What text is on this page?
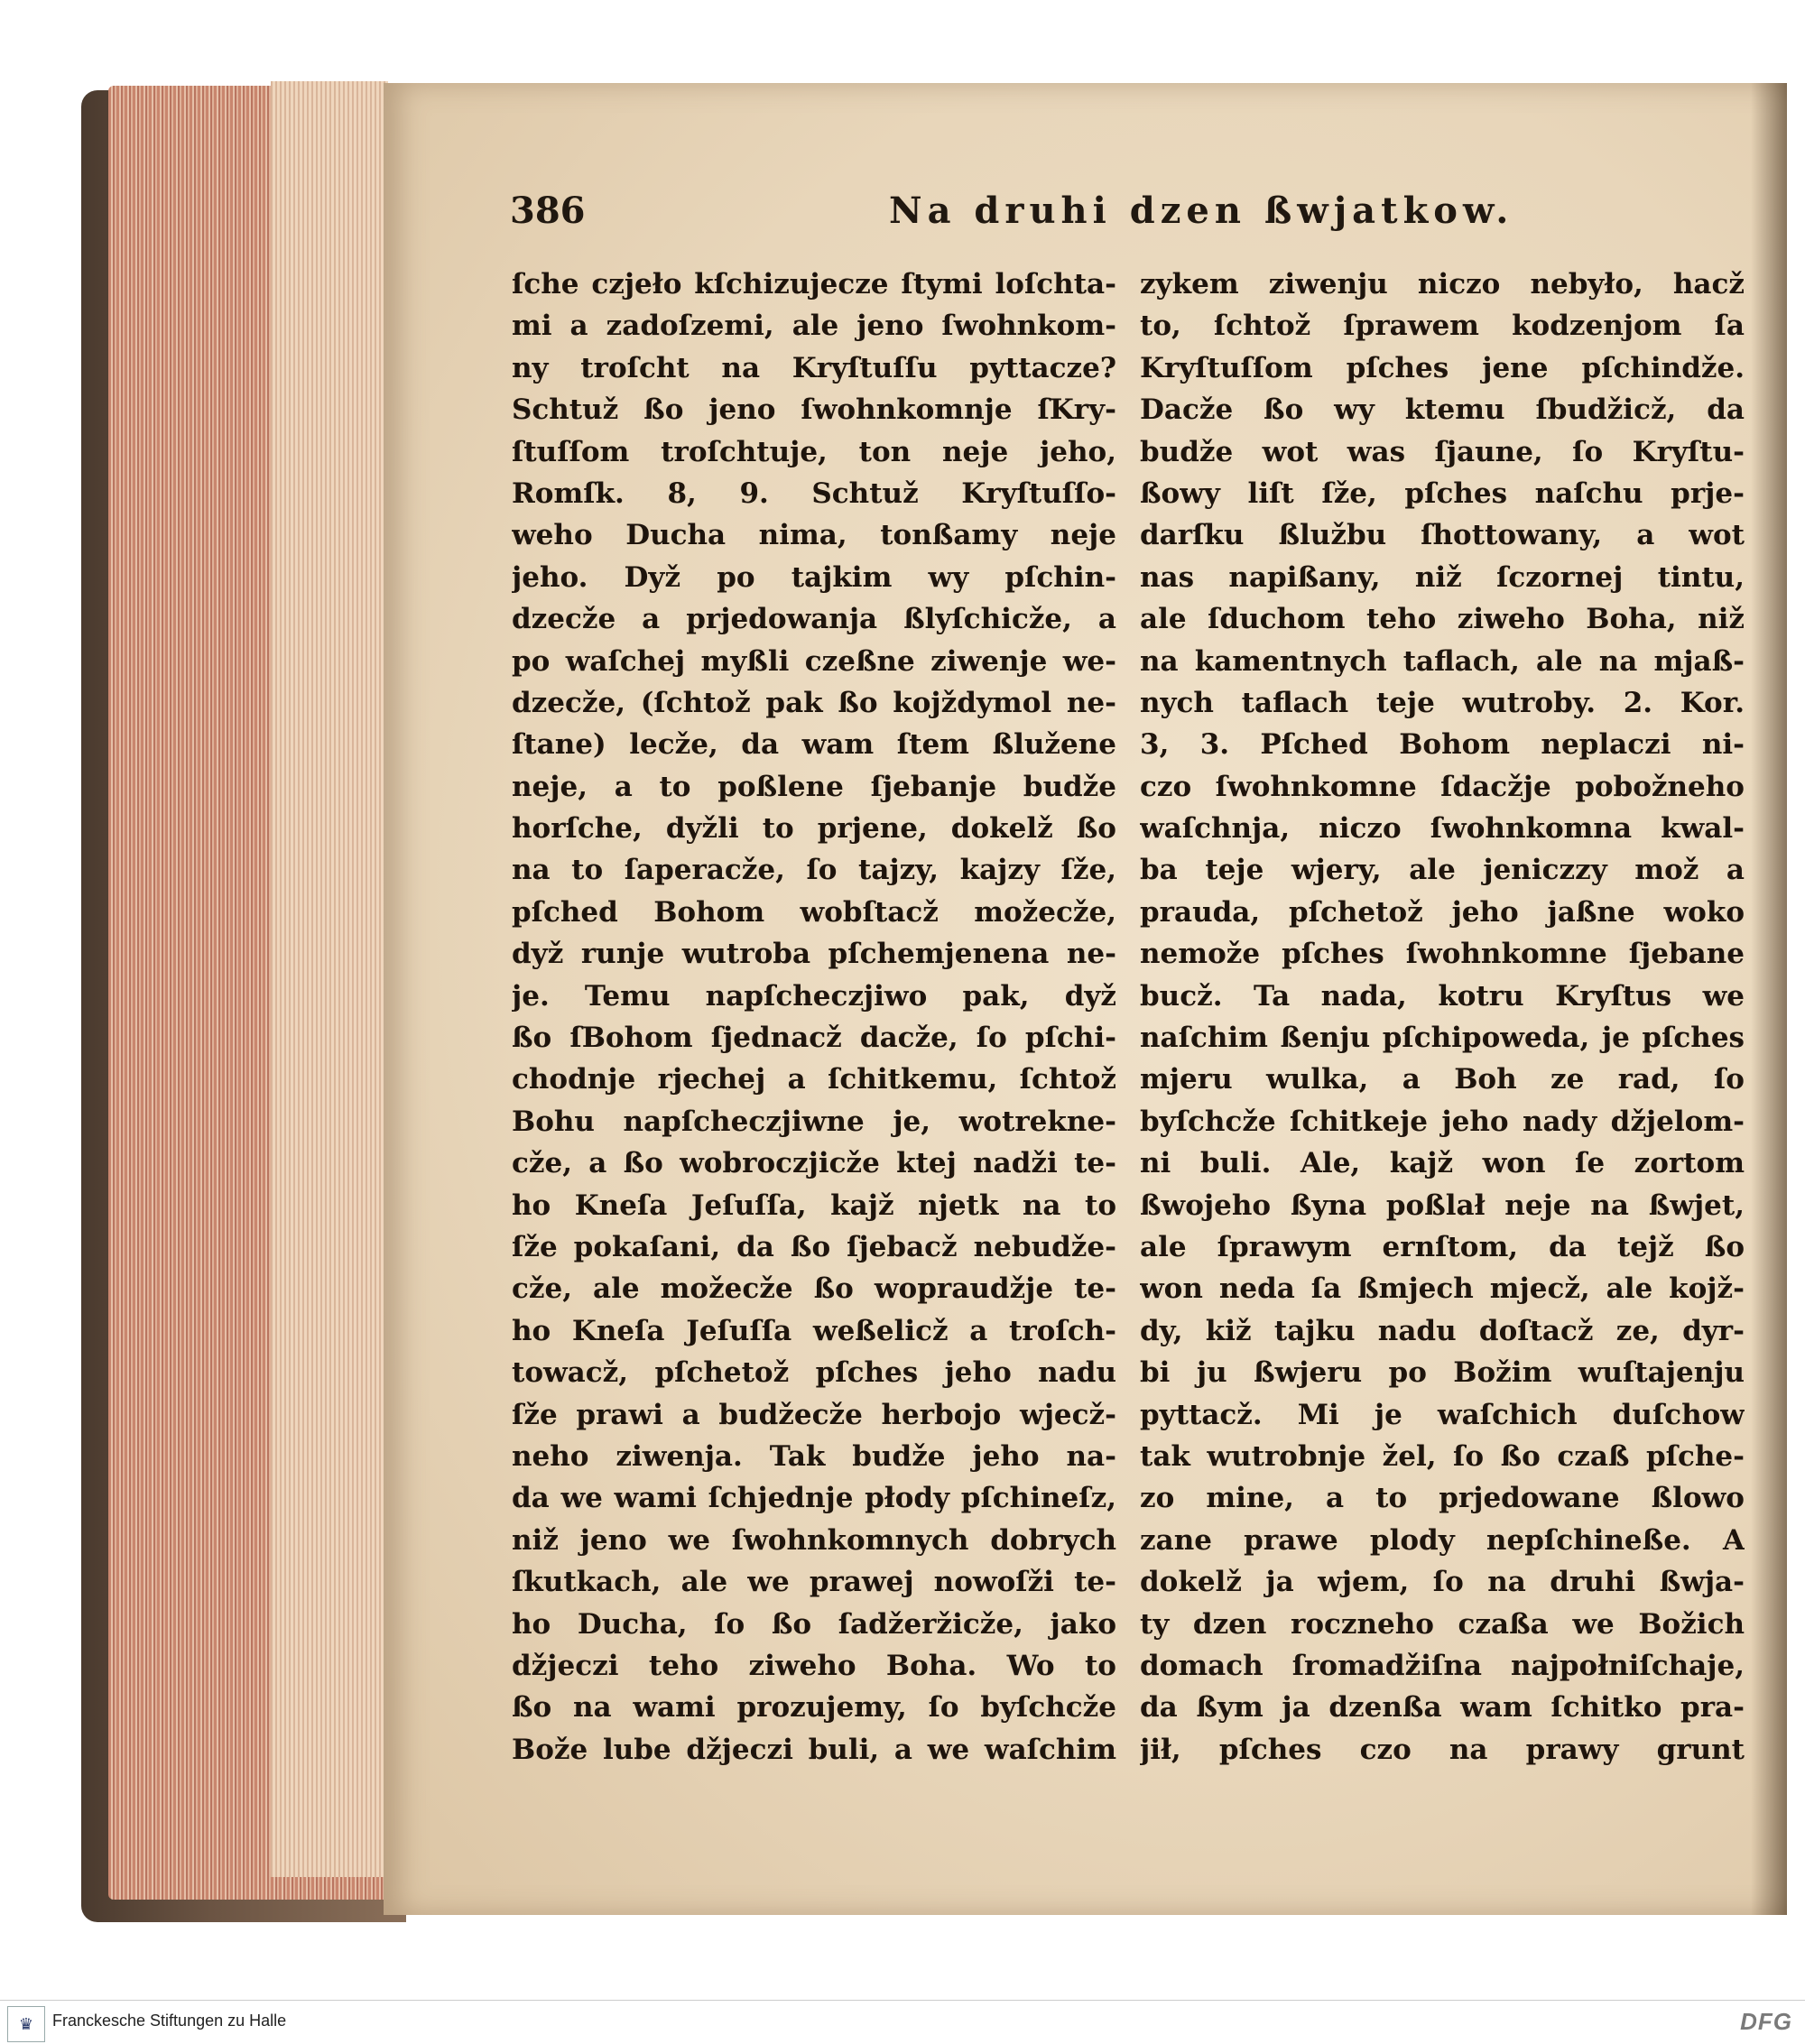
386	Na druhi dzen ßwjatkow.
ſche czjeło kſchizujecze ſtymi loſchta-
mi a zadoſzemi, ale jeno ſwohnkom-
ny troſcht na Kryſtuſſu pyttacze?
Schtuž ßo jeno ſwohnkomnje ſKry-
ſtuſſom troſchtuje, ton neje jeho,
Romſk. 8, 9. Schtuž Kryſtuſſo-
weho Ducha nima, tonßamy neje
jeho. Dyž po tajkim wy pſchin-
dzecže a prjedowanja ßlyſchicže, a
po waſchej myßli czeßne ziwenje we-
dzecže, (ſchtož pak ßo kojždymol ne-
ſtane) lecže, da wam ſtem ßlužene
neje, a to poßlene ſjebanje budže
horſche, dyžli to prjene, dokelž ßo
na to ſaperacže, ſo tajzy, kajzy ſže,
pſched Bohom wobſtacž možecže,
dyž runje wutroba pſchemjenena ne-
je. Temu napſcheczjiwo pak, dyž
ßo ſBohom ſjednacž dacže, ſo pſchi-
chodnje rjechej a ſchitkemu, ſchtož
Bohu napſcheczjiwne je, wotrekne-
cže, a ßo wobroczjicže ktej nadži te-
ho Kneſa Jeſuſſa, kajž njetk na to
ſže pokaſani, da ßo ſjebacž nebudže-
cže, ale možecže ßo wopraudžje te-
ho Kneſa Jeſuſſa weßelicž a troſch-
towacž, pſchetož pſches jeho nadu
ſže prawi a budžecže herbojo wjecž-
neho ziwenja. Tak budže jeho na-
da we wami ſchjednje płody pſchineſz,
niž jeno we ſwohnkomnych dobrych
ſkutkach, ale we prawej nowoſži te-
ho Ducha, ſo ßo ſadžeržicže, jako
džjeczi teho ziweho Boha. Wo to
ßo na wami prozujemy, ſo byſchcže
Bože lube džjeczi buli, a we waſchim
zykem ziwenju niczo nebyło, hacž
to, ſchtož ſprawem kodzenjom ſa
Kryſtuſſom pſches jene pſchindže.
Dacže ßo wy ktemu ſbudžicž, da
budže wot was ſjaune, ſo Kryſtu-
ßowy liſt ſže, pſches naſchu prje-
darſku ßlužbu ſhottowany, a wot
nas napißany, niž ſczornej tintu,
ale ſduchom teho ziweho Boha, niž
na kamentnych taflach, ale na mjaß-
nych taflach teje wutroby. 2. Kor.
3, 3. Pſched Bohom neplaczi ni-
czo ſwohnkomne ſdacžje pobožneho
waſchnja, niczo ſwohnkomna kwal-
ba teje wjery, ale jeniczzy mož a
prauda, pſchetož jeho jaßne woko
nemože pſches ſwohnkomne ſjebane
bucž. Ta nada, kotru Kryſtus we
naſchim ßenju pſchipoweda, je pſches
mjeru wulka, a Boh ze rad, ſo
byſchcže ſchitkeje jeho nady džjelom-
ni buli. Ale, kajž won ſe zortom
ßwojeho ßyna poßlał neje na ßwjet,
ale ſprawym ernſtom, da tejž ßo
won neda ſa ßmjech mjecž, ale kojž-
dy, kiž tajku nadu doſtacž ze, dyr-
bi ju ßwjeru po Božim wuſtajenju
pyttacž. Mi je waſchich duſchow
tak wutrobnje žel, ſo ßo czaß pſche-
zo mine, a to prjedowane ßlowo
zane prawe plody nepſchineße. A
dokelž ja wjem, ſo na druhi ßwja-
ty dzen roczneho czaßa we Božich
domach ſromadžiſna najpołniſchaje,
da ßym ja dzenßa wam ſchitko pra-
jił, pſches czo na prawy grunt
♛	Franckesche Stiftungen zu Halle	DFG
